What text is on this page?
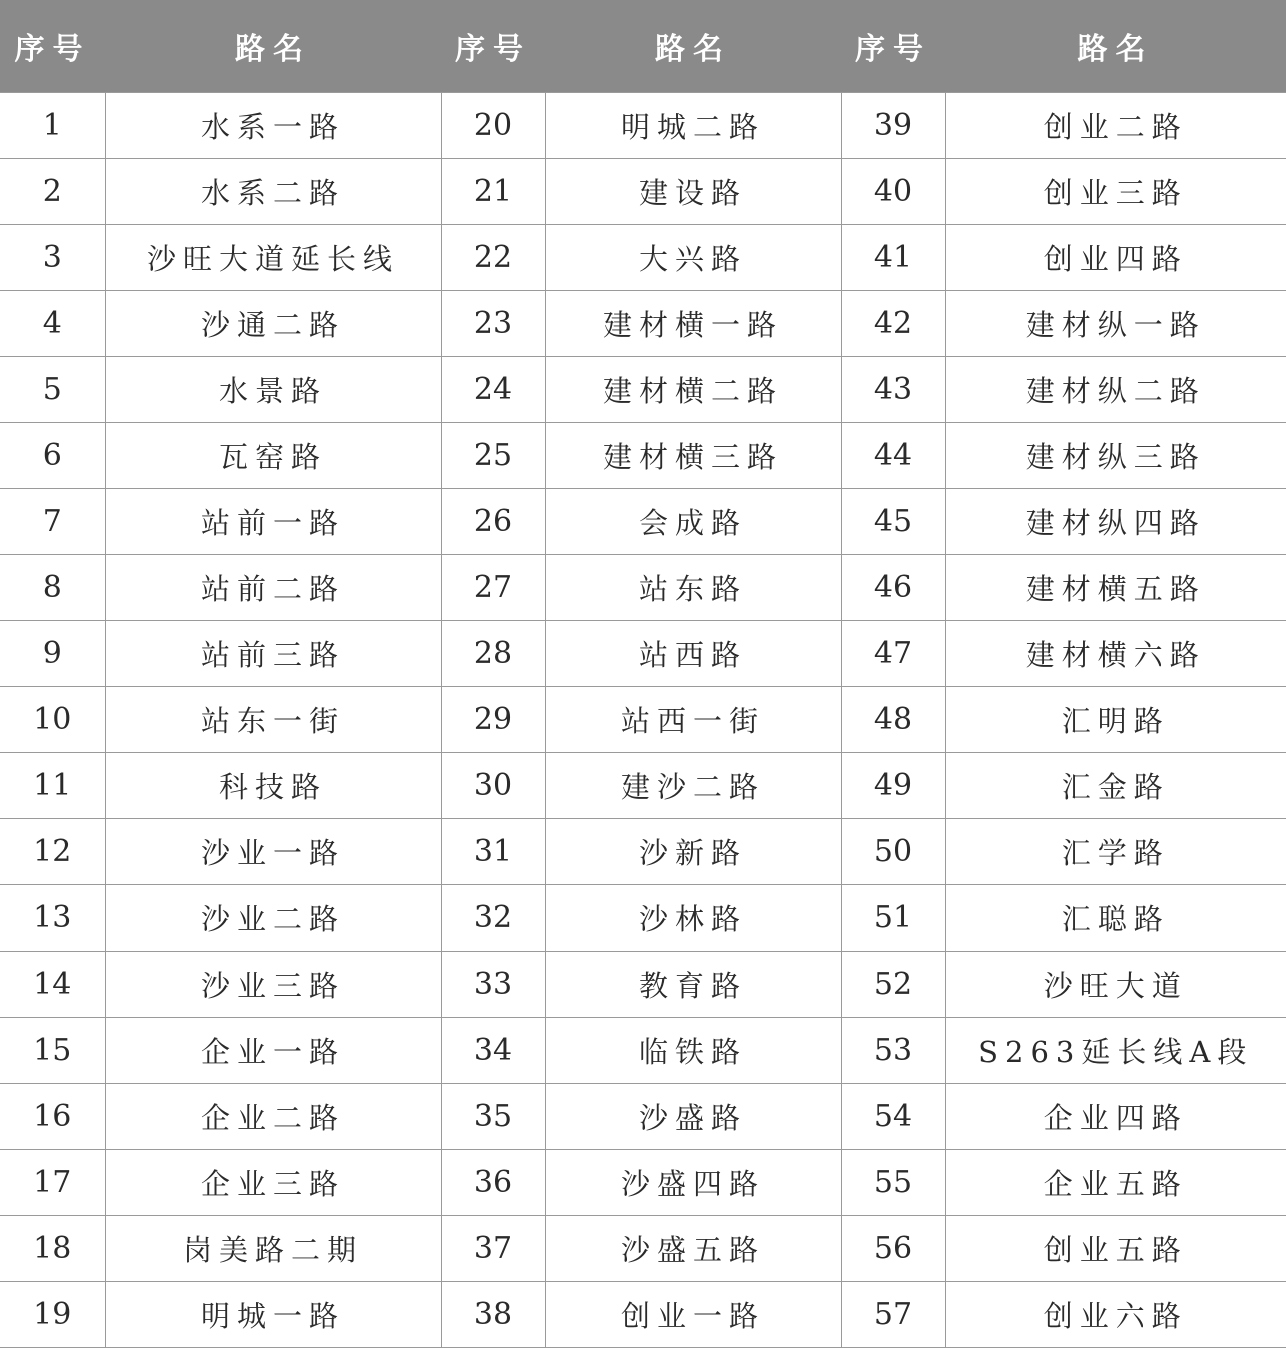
序号	路名	序号	路名	序号	路名
1	水系一路	20	明城二路	39	创业二路
2	水系二路	21	建设路	40	创业三路
3	沙旺大道延长线	22	大兴路	41	创业四路
4	沙通二路	23	建材横一路	42	建材纵一路
5	水景路	24	建材横二路	43	建材纵二路
6	瓦窑路	25	建材横三路	44	建材纵三路
7	站前一路	26	会成路	45	建材纵四路
8	站前二路	27	站东路	46	建材横五路
9	站前三路	28	站西路	47	建材横六路
10	站东一街	29	站西一街	48	汇明路
11	科技路	30	建沙二路	49	汇金路
12	沙业一路	31	沙新路	50	汇学路
13	沙业二路	32	沙林路	51	汇聪路
14	沙业三路	33	教育路	52	沙旺大道
15	企业一路	34	临铁路	53	S263延长线A段
16	企业二路	35	沙盛路	54	企业四路
17	企业三路	36	沙盛四路	55	企业五路
18	岗美路二期	37	沙盛五路	56	创业五路
19	明城一路	38	创业一路	57	创业六路
